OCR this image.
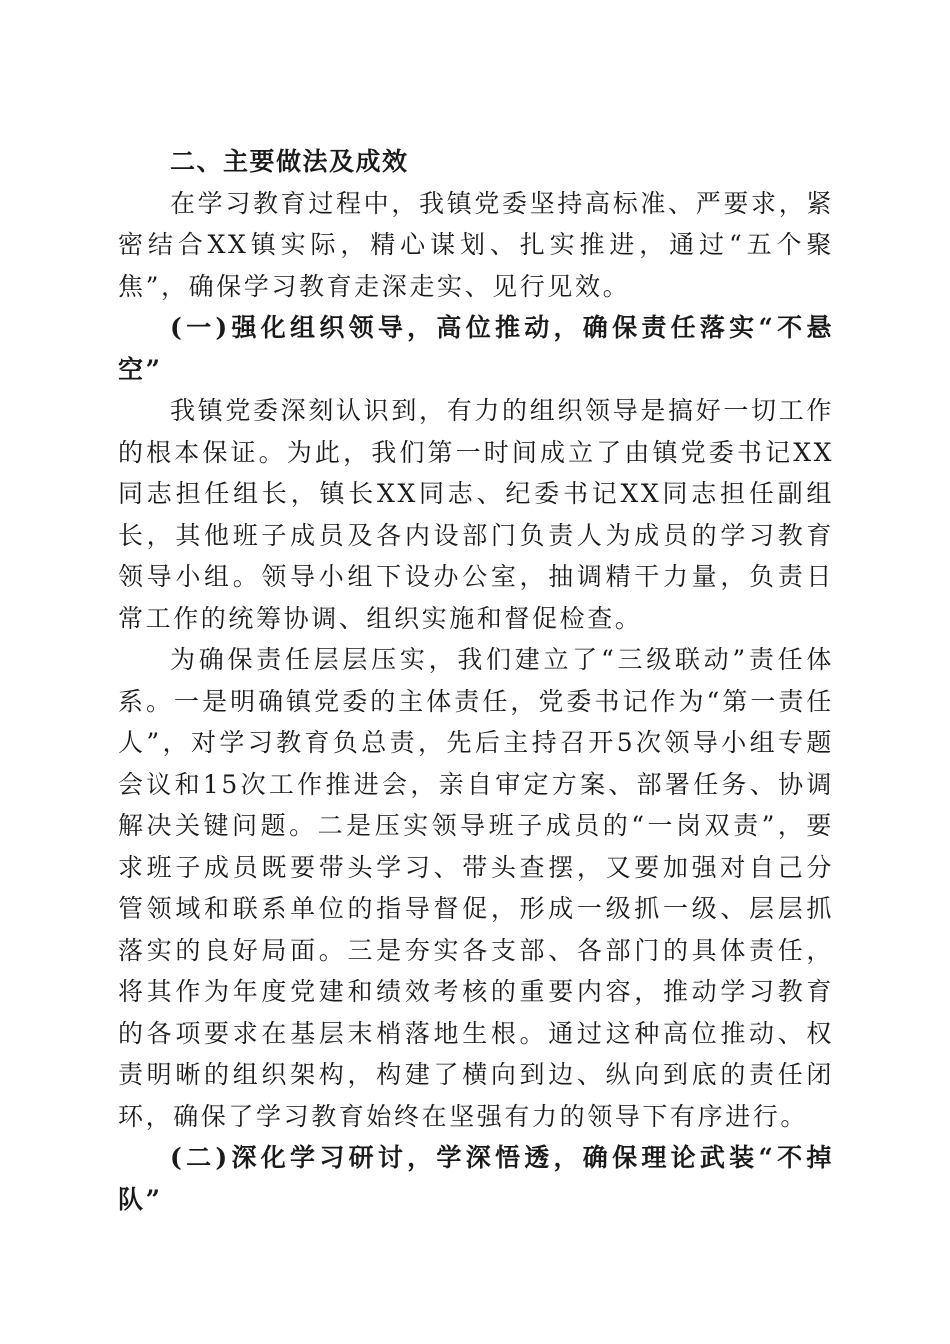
二、主要做法及成效

在学习教育过程中，我镇党委坚持高标准、严要求，紧密结合XX镇实际，精心谋划、扎实推进，通过“五个聚焦”，确保学习教育走深走实、见行见效。

(一)强化组织领导，高位推动，确保责任落实“不悬空”

我镇党委深刻认识到，有力的组织领导是搞好一切工作的根本保证。为此，我们第一时间成立了由镇党委书记XX同志担任组长，镇长XX同志、纪委书记XX同志担任副组长，其他班子成员及各内设部门负责人为成员的学习教育领导小组。领导小组下设办公室，抽调精干力量，负责日常工作的统筹协调、组织实施和督促检查。

为确保责任层层压实，我们建立了“三级联动”责任体系。一是明确镇党委的主体责任，党委书记作为“第一责任人”，对学习教育负总责，先后主持召开5次领导小组专题会议和15次工作推进会，亲自审定方案、部署任务、协调解决关键问题。二是压实领导班子成员的“一岗双责”，要求班子成员既要带头学习、带头查摆，又要加强对自己分管领域和联系单位的指导督促，形成一级抓一级、层层抓落实的良好局面。三是夯实各支部、各部门的具体责任，将其作为年度党建和绩效考核的重要内容，推动学习教育的各项要求在基层末梢落地生根。通过这种高位推动、权责明晰的组织架构，构建了横向到边、纵向到底的责任闭环，确保了学习教育始终在坚强有力的领导下有序进行。

(二)深化学习研讨，学深悟透，确保理论武装“不掉队”
